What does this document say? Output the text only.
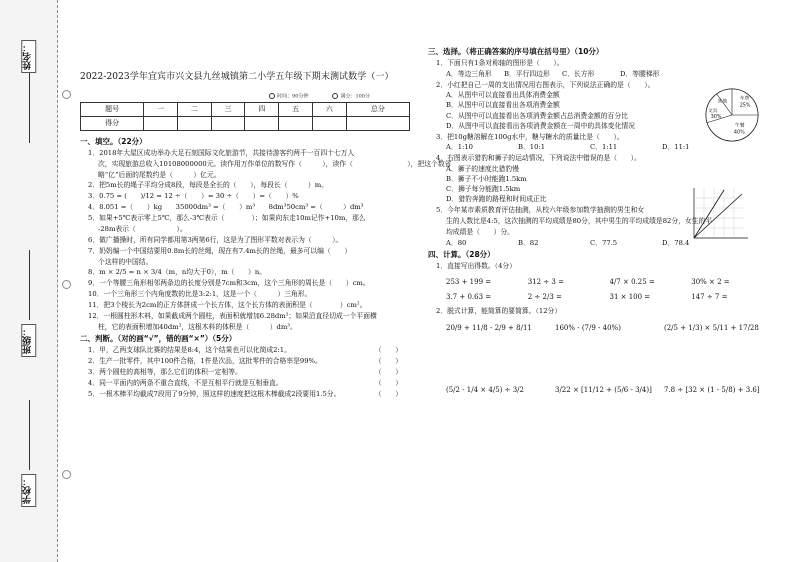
姓名：
班级：
学校：
2022-2023学年宜宾市兴文县九丝城镇第二小学五年级下期末测试数学（一）
时间：90分钟	满分：100分
题号	一	二	三	四	五	六	总分
得分							
一、填空。（22分）
1．2018年大屋区成功举办大足石刻国际文化旅游节，共接待游客约两千一百四十七万人
次，实现旅游总收入10108000000元。读作用万作单位的数写作（　　　），读作（　　　　　　　　），把这个数省
略“亿”后面的尾数约是（　　　）亿元。
2．把5m长的绳子平均分成8段，每段是全长的（　　），每段长（　　　）m。
3．0.75 = (　　)/12 = 12 ÷（　　）= 30 ÷（　　）=（　　）%
4．8.051 =（　　）kg　　35000dm³ =（　　）m³　　8dm³50cm³ =（　　　）dm³
5．如果+5℃表示零上5℃，那么-3℃表示（　　　　）；如果向东走10m记作+10m，那么
-28m表示（　　　　　　）。
6．做广播操时，所有同学都用第3两第6行，这是为了图形平数对表示为（　　　）。
7．奶奶编一个中国结要用0.8m长的丝绳，现在有7.4m长的丝绳，最多可以编（　　）
个这样的中国结。
8．m × 2/5 = n × 3/4（m，n均大于0），m（　　）n。
9．一个等腰三角形相邻两条边的长度分别是7cm和3cm，这个三角形的周长是（　　）cm。
10．一个三角形三个内角度数的比是3:2:1，这是一个（　　　）三角形。
11．把3个棱长为2cm的正方体拼成一个长方体，这个长方体的表面积是（　　　　）cm²。
12．一根圆柱形木料，如果截成两个圆柱，表面积就增加6.28dm²；如果沿直径切成一个平面横
柱，它的表面积增加40dm²，这根木料的体积是（　　　）dm³。
二、判断。（对的画“√”，错的画“×”）（5分）
1．甲，乙两支球队比赛的结果是8:4，这个结果也可以化简成2:1。	（　　）
2．生产一批零件，其中100件合格，1件是次品，这批零件的合格率是99%。	（　　）
3．两个圆柱的高相等，那么它们的体积一定相等。	（　　）
4．同一平面内的两条不重合直线，不是互相平行就是互相垂直。	（　　）
5．一根木棒平均截成7段用了9分钟，照这样的速度把这根木棒截成2段要用1.5分。	（　　）
三、选择。（将正确答案的序号填在括号里）（10分）
1．下面只有1条对称轴的图形是（　　）。
A．等边三角形	B．平行四边形	C．长方形	D．等腰梯形
2．小红把自己一周的支出情况用右图表示，下列说法正确的是（　　）。
A．从图中可以直接看出具体消费金额
B．从图中可以直接看出各项消费金额
C．从图中可以直接看出各项消费金额占总消费金额的百分比
D．从图中可以直接看出各项消费金额在一周中的具体变化情况
3．把10g糖溶解在100g水中，糖与糖水的质量比是（　　）。
A．1:10	B．10:1	C．1:11	D．11:1
4．右图表示猎豹和狮子的运动情况，下列说法中错误的是（　　）。
A．狮子的速度比猎豹慢
B．狮子不小时能跑1.5km
C．狮子每分能跑1.5km
D．猎豹奔跑的路程和时间成正比
5．今年某市素质教育评估抽测，从校六年级参加数学抽测的男生和女
生的人数比是4:5，这次抽测的平均成绩是80分，其中男生的平均成绩是82分，女生的平
均成绩是（　　）分。
A．80	B．82	C．77.5	D．78.4
四、计算。（28分）
1．直接写出得数。（4分）
253 + 199 =	312 ÷ 3 =	4/7 × 0.25 =	30% × 2 =
3.7 + 0.63 =	2 ÷ 2/3 =	31 × 100 =	147 ÷ 7 =
2．脱式计算，能简算的要简算。（12分）
20/9 + 11/8 - 2/9 + 8/11	160% - (7/9 - 40%)	(2/5 + 1/3) × 5/11 + 17/28
(5/2 - 1/4 × 4/5) ÷ 3/2	3/22 × [11/12 + (5/6 - 3/4)]	7.8 ÷ [32 × (1 - 5/8) + 3.6]
其他
车费
文具
午餐
30%
25%
40%
